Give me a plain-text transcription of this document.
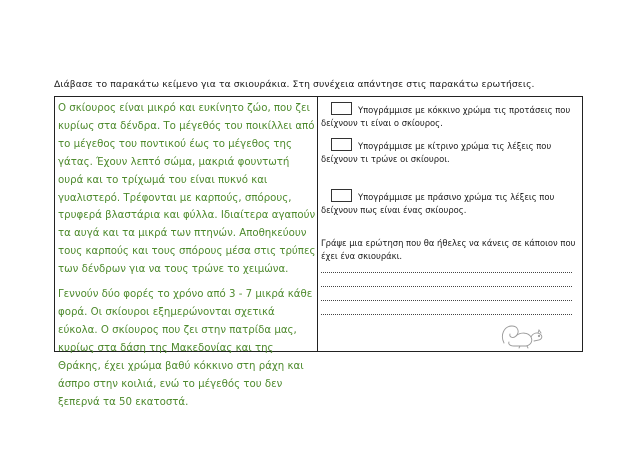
Διάβασε το παρακάτω κείμενο για τα σκιουράκια. Στη συνέχεια απάντησε στις παρακάτω ερωτήσεις.

Ο σκίουρος είναι μικρό και ευκίνητο ζώο, που ζει κυρίως στα δένδρα. Το μέγεθός του ποικίλλει από το μέγεθος του ποντικού έως το μέγεθος της γάτας. Έχουν λεπτό σώμα, μακριά φουντωτή ουρά και το τρίχωμά του είναι πυκνό και γυαλιστερό. Τρέφονται με καρπούς, σπόρους, τρυφερά βλαστάρια και φύλλα. Ιδιαίτερα αγαπούν τα αυγά και τα μικρά των πτηνών. Αποθηκεύουν τους καρπούς και τους σπόρους μέσα στις τρύπες των δένδρων για να τους τρώνε το χειμώνα.

Γεννούν δύο φορές το χρόνο από 3 - 7 μικρά κάθε φορά. Οι σκίουροι εξημερώνονται σχετικά εύκολα. Ο σκίουρος που ζει στην πατρίδα μας, κυρίως στα δάση της Μακεδονίας και της Θράκης, έχει χρώμα βαθύ κόκκινο στη ράχη και άσπρο στην κοιλιά, ενώ το μέγεθός του δεν ξεπερνά τα 50 εκατοστά.

Υπογράμμισε με κόκκινο χρώμα τις προτάσεις που δείχνουν τι είναι ο σκίουρος.
Υπογράμμισε με κίτρινο χρώμα τις λέξεις που δείχνουν τι τρώνε οι σκίουροι.
Υπογράμμισε με πράσινο χρώμα τις λέξεις που δείχνουν πως είναι ένας σκίουρος.
Γράψε μια ερώτηση που θα ήθελες να κάνεις σε κάποιον που έχει ένα σκιουράκι.
